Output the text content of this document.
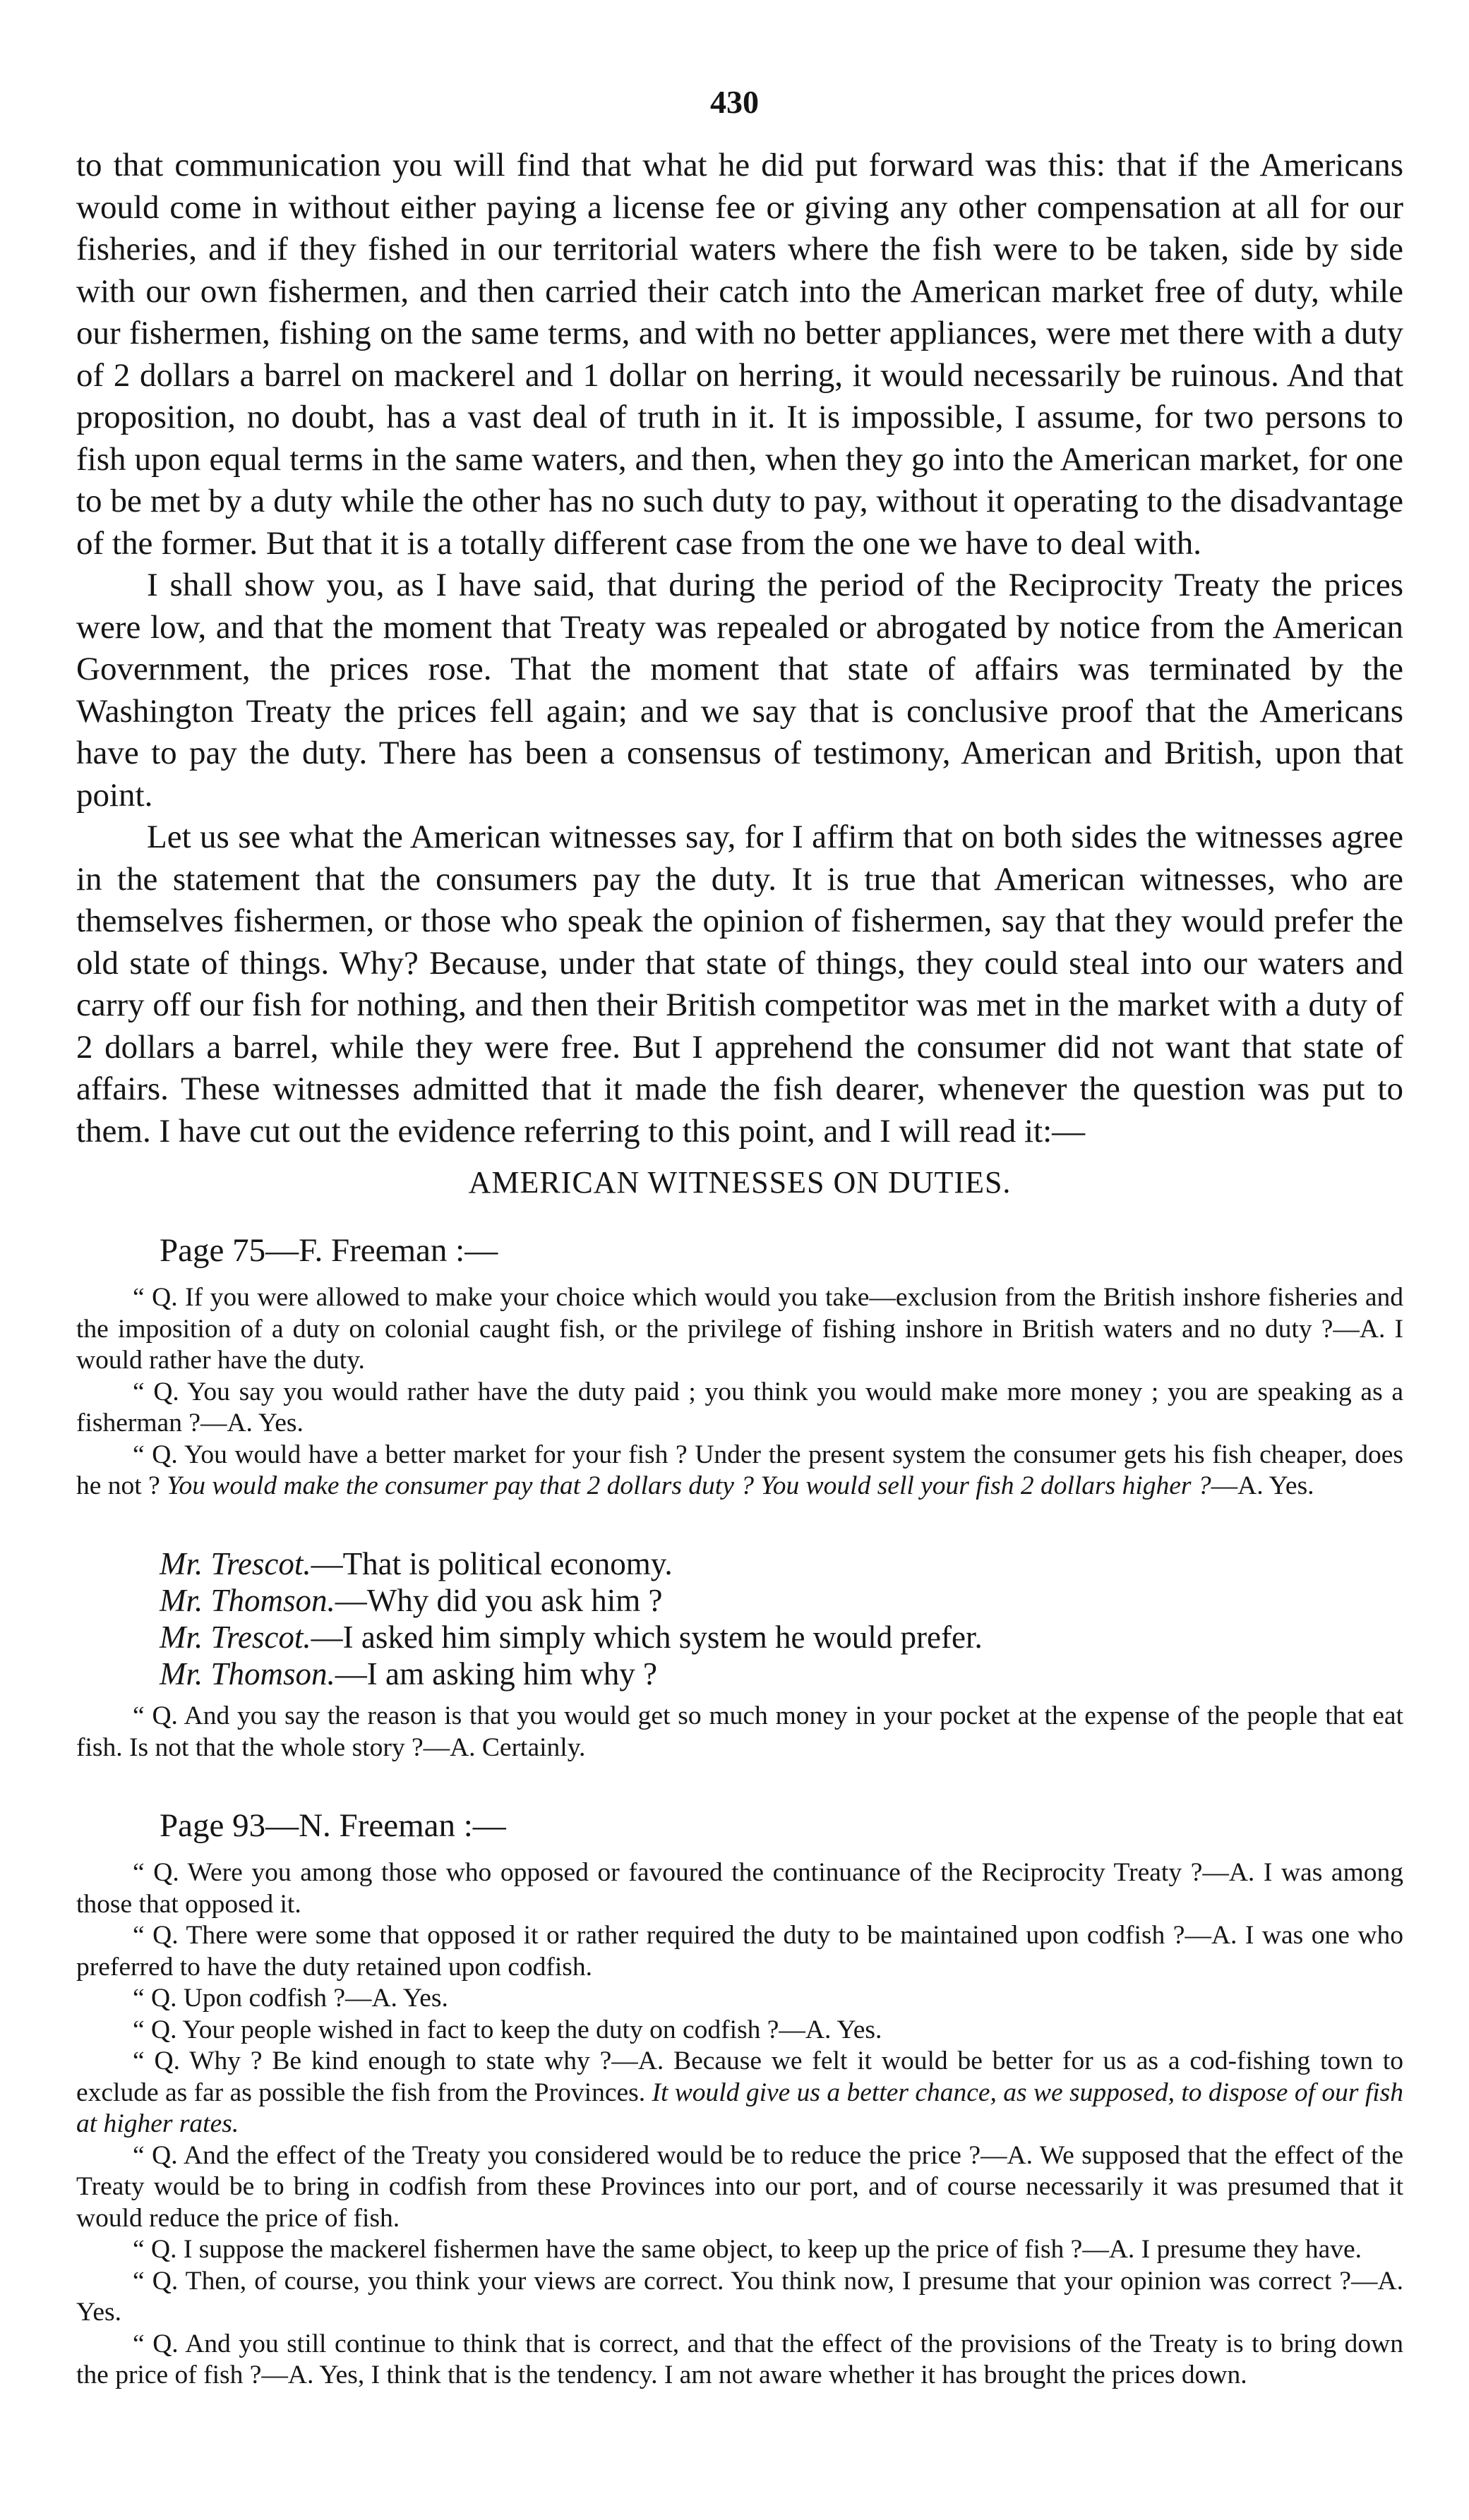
430

to that communication you will find that what he did put forward was this: that if the Americans would come in without either paying a license fee or giving any other compensation at all for our fisheries, and if they fished in our territorial waters where the fish were to be taken, side by side with our own fishermen, and then carried their catch into the American market free of duty, while our fishermen, fishing on the same terms, and with no better appliances, were met there with a duty of 2 dollars a barrel on mackerel and 1 dollar on herring, it would necessarily be ruinous. And that proposition, no doubt, has a vast deal of truth in it. It is impossible, I assume, for two persons to fish upon equal terms in the same waters, and then, when they go into the American market, for one to be met by a duty while the other has no such duty to pay, without it operating to the disadvantage of the former. But that it is a totally different case from the one we have to deal with.

I shall show you, as I have said, that during the period of the Reciprocity Treaty the prices were low, and that the moment that Treaty was repealed or abrogated by notice from the American Government, the prices rose. That the moment that state of affairs was terminated by the Washington Treaty the prices fell again; and we say that is conclusive proof that the Americans have to pay the duty. There has been a consensus of testimony, American and British, upon that point.

Let us see what the American witnesses say, for I affirm that on both sides the witnesses agree in the statement that the consumers pay the duty. It is true that American witnesses, who are themselves fishermen, or those who speak the opinion of fishermen, say that they would prefer the old state of things. Why? Because, under that state of things, they could steal into our waters and carry off our fish for nothing, and then their British competitor was met in the market with a duty of 2 dollars a barrel, while they were free. But I apprehend the consumer did not want that state of affairs. These witnesses admitted that it made the fish dearer, whenever the question was put to them. I have cut out the evidence referring to this point, and I will read it:—

AMERICAN WITNESSES ON DUTIES.

Page 75—F. Freeman :—

“ Q. If you were allowed to make your choice which would you take—exclusion from the British inshore fisheries and the imposition of a duty on colonial caught fish, or the privilege of fishing inshore in British waters and no duty ?—A. I would rather have the duty.

“ Q. You say you would rather have the duty paid ; you think you would make more money ; you are speaking as a fisherman ?—A. Yes.

“ Q. You would have a better market for your fish ? Under the present system the consumer gets his fish cheaper, does he not ? You would make the consumer pay that 2 dollars duty ? You would sell your fish 2 dollars higher ?—A. Yes.

Mr. Trescot.—That is political economy.

Mr. Thomson.—Why did you ask him ?

Mr. Trescot.—I asked him simply which system he would prefer.

Mr. Thomson.—I am asking him why ?

“ Q. And you say the reason is that you would get so much money in your pocket at the expense of the people that eat fish. Is not that the whole story ?—A. Certainly.

Page 93—N. Freeman :—

“ Q. Were you among those who opposed or favoured the continuance of the Reciprocity Treaty ?—A. I was among those that opposed it.

“ Q. There were some that opposed it or rather required the duty to be maintained upon codfish ?—A. I was one who preferred to have the duty retained upon codfish.

“ Q. Upon codfish ?—A. Yes.

“ Q. Your people wished in fact to keep the duty on codfish ?—A. Yes.

“ Q. Why ? Be kind enough to state why ?—A. Because we felt it would be better for us as a cod-fishing town to exclude as far as possible the fish from the Provinces. It would give us a better chance, as we supposed, to dispose of our fish at higher rates.

“ Q. And the effect of the Treaty you considered would be to reduce the price ?—A. We supposed that the effect of the Treaty would be to bring in codfish from these Provinces into our port, and of course necessarily it was presumed that it would reduce the price of fish.

“ Q. I suppose the mackerel fishermen have the same object, to keep up the price of fish ?—A. I presume they have.

“ Q. Then, of course, you think your views are correct. You think now, I presume that your opinion was correct ?—A. Yes.

“ Q. And you still continue to think that is correct, and that the effect of the provisions of the Treaty is to bring down the price of fish ?—A. Yes, I think that is the tendency. I am not aware whether it has brought the prices down.
